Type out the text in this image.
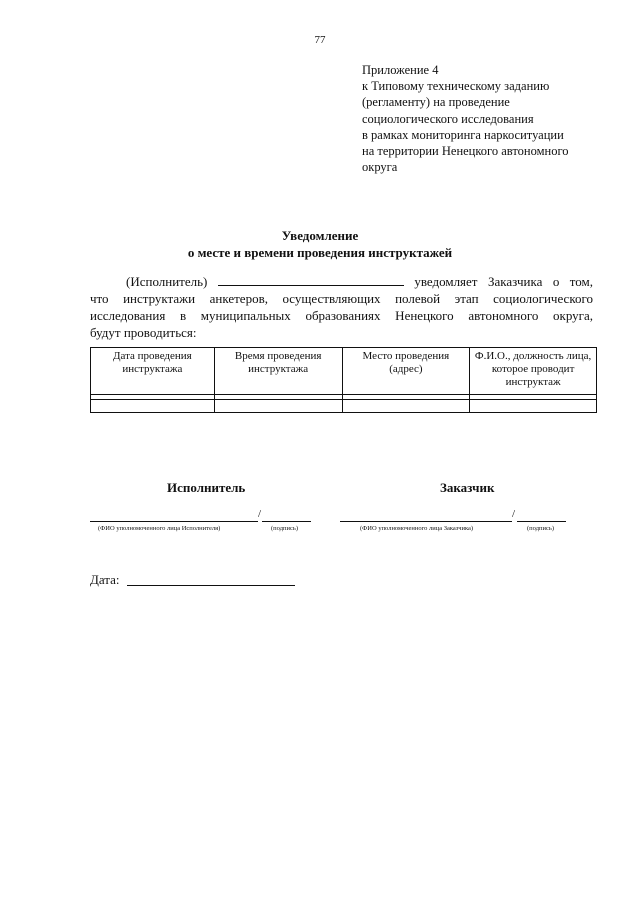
77
Приложение 4
к Типовому техническому заданию
(регламенту) на проведение
социологического исследования
в рамках мониторинга наркоситуации
на территории Ненецкого автономного
округа
Уведомление
о месте и времени проведения инструктажей
(Исполнитель)	уведомляет Заказчика о том,
что инструктажи анкетеров, осуществляющих полевой этап социологического
исследования в муниципальных образованиях Ненецкого автономного округа,
будут проводиться:
Дата проведения инструктажа	Время проведения инструктажа	Место проведения (адрес)	Ф.И.О., должность лица, которое проводит инструктаж

Исполнитель
/
(ФИО уполномоченного лица Исполнителя)	(подпись)
Заказчик
/
(ФИО уполномоченного лица Заказчика)	(подпись)
Дата:
